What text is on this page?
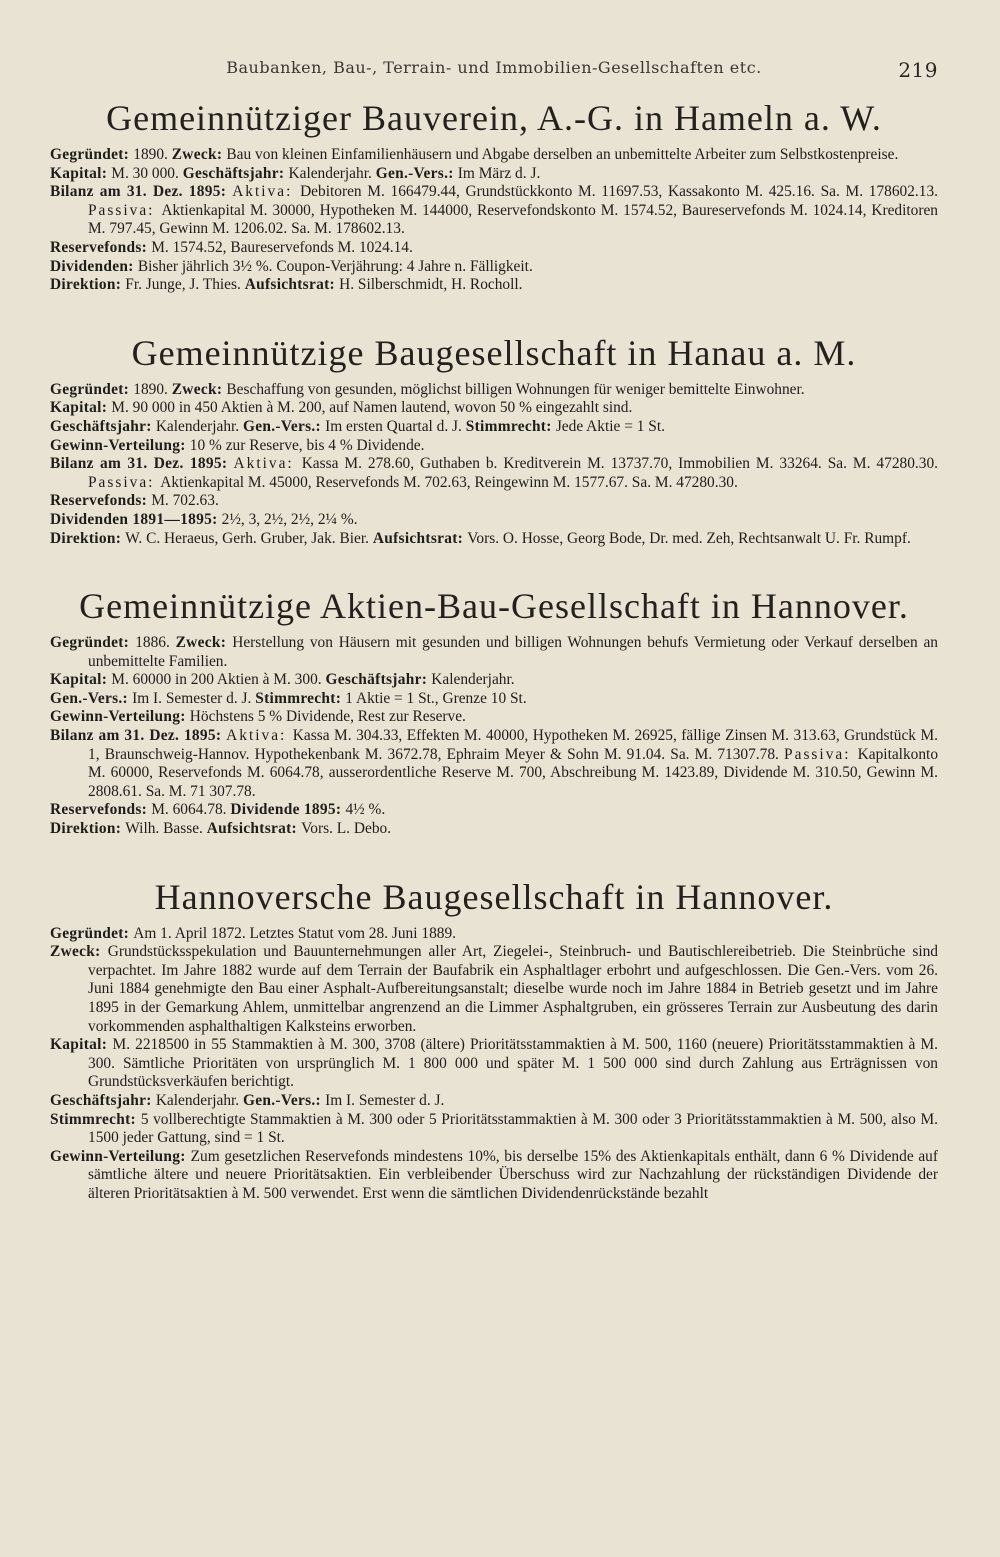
Baubanken, Bau-, Terrain- und Immobilien-Gesellschaften etc.	219
Gemeinnütziger Bauverein, A.-G. in Hameln a. W.

Gegründet: 1890. Zweck: Bau von kleinen Einfamilienhäusern und Abgabe derselben an unbemittelte Arbeiter zum Selbstkostenpreise.

Kapital: M. 30 000. Geschäftsjahr: Kalenderjahr. Gen.-Vers.: Im März d. J.

Bilanz am 31. Dez. 1895: Aktiva: Debitoren M. 166479.44, Grundstückkonto M. 11697.53, Kassakonto M. 425.16. Sa. M. 178602.13. Passiva: Aktienkapital M. 30000, Hypotheken M. 144000, Reservefondskonto M. 1574.52, Baureservefonds M. 1024.14, Kreditoren M. 797.45, Gewinn M. 1206.02. Sa. M. 178602.13.

Reservefonds: M. 1574.52, Baureservefonds M. 1024.14.

Dividenden: Bisher jährlich 3½ %. Coupon-Verjährung: 4 Jahre n. Fälligkeit.

Direktion: Fr. Junge, J. Thies. Aufsichtsrat: H. Silberschmidt, H. Rocholl.

Gemeinnützige Baugesellschaft in Hanau a. M.

Gegründet: 1890. Zweck: Beschaffung von gesunden, möglichst billigen Wohnungen für weniger bemittelte Einwohner.

Kapital: M. 90 000 in 450 Aktien à M. 200, auf Namen lautend, wovon 50 % eingezahlt sind.

Geschäftsjahr: Kalenderjahr. Gen.-Vers.: Im ersten Quartal d. J. Stimmrecht: Jede Aktie = 1 St.

Gewinn-Verteilung: 10 % zur Reserve, bis 4 % Dividende.

Bilanz am 31. Dez. 1895: Aktiva: Kassa M. 278.60, Guthaben b. Kreditverein M. 13737.70, Immobilien M. 33264. Sa. M. 47280.30. Passiva: Aktienkapital M. 45000, Reservefonds M. 702.63, Reingewinn M. 1577.67. Sa. M. 47280.30.

Reservefonds: M. 702.63.

Dividenden 1891—1895: 2½, 3, 2½, 2½, 2¼ %.

Direktion: W. C. Heraeus, Gerh. Gruber, Jak. Bier. Aufsichtsrat: Vors. O. Hosse, Georg Bode, Dr. med. Zeh, Rechtsanwalt U. Fr. Rumpf.

Gemeinnützige Aktien-Bau-Gesellschaft in Hannover.

Gegründet: 1886. Zweck: Herstellung von Häusern mit gesunden und billigen Wohnungen behufs Vermietung oder Verkauf derselben an unbemittelte Familien.

Kapital: M. 60000 in 200 Aktien à M. 300. Geschäftsjahr: Kalenderjahr.

Gen.-Vers.: Im I. Semester d. J. Stimmrecht: 1 Aktie = 1 St., Grenze 10 St.

Gewinn-Verteilung: Höchstens 5 % Dividende, Rest zur Reserve.

Bilanz am 31. Dez. 1895: Aktiva: Kassa M. 304.33, Effekten M. 40000, Hypotheken M. 26925, fällige Zinsen M. 313.63, Grundstück M. 1, Braunschweig-Hannov. Hypothekenbank M. 3672.78, Ephraim Meyer & Sohn M. 91.04. Sa. M. 71307.78. Passiva: Kapitalkonto M. 60000, Reservefonds M. 6064.78, ausserordentliche Reserve M. 700, Abschreibung M. 1423.89, Dividende M. 310.50, Gewinn M. 2808.61. Sa. M. 71 307.78.

Reservefonds: M. 6064.78. Dividende 1895: 4½ %.

Direktion: Wilh. Basse. Aufsichtsrat: Vors. L. Debo.

Hannoversche Baugesellschaft in Hannover.

Gegründet: Am 1. April 1872. Letztes Statut vom 28. Juni 1889.

Zweck: Grundstücksspekulation und Bauunternehmungen aller Art, Ziegelei-, Steinbruch- und Bautischlereibetrieb. Die Steinbrüche sind verpachtet. Im Jahre 1882 wurde auf dem Terrain der Baufabrik ein Asphaltlager erbohrt und aufgeschlossen. Die Gen.-Vers. vom 26. Juni 1884 genehmigte den Bau einer Asphalt-Aufbereitungsanstalt; dieselbe wurde noch im Jahre 1884 in Betrieb gesetzt und im Jahre 1895 in der Gemarkung Ahlem, unmittelbar angrenzend an die Limmer Asphaltgruben, ein grösseres Terrain zur Ausbeutung des darin vorkommenden asphalthaltigen Kalksteins erworben.

Kapital: M. 2218500 in 55 Stammaktien à M. 300, 3708 (ältere) Prioritätsstammaktien à M. 500, 1160 (neuere) Prioritätsstammaktien à M. 300. Sämtliche Prioritäten von ursprünglich M. 1 800 000 und später M. 1 500 000 sind durch Zahlung aus Erträgnissen von Grundstücksverkäufen berichtigt.

Geschäftsjahr: Kalenderjahr. Gen.-Vers.: Im I. Semester d. J.

Stimmrecht: 5 vollberechtigte Stammaktien à M. 300 oder 5 Prioritätsstammaktien à M. 300 oder 3 Prioritätsstammaktien à M. 500, also M. 1500 jeder Gattung, sind = 1 St.

Gewinn-Verteilung: Zum gesetzlichen Reservefonds mindestens 10%, bis derselbe 15% des Aktienkapitals enthält, dann 6 % Dividende auf sämtliche ältere und neuere Prioritätsaktien. Ein verbleibender Überschuss wird zur Nachzahlung der rückständigen Dividende der älteren Prioritätsaktien à M. 500 verwendet. Erst wenn die sämtlichen Dividendenrückstände bezahlt
